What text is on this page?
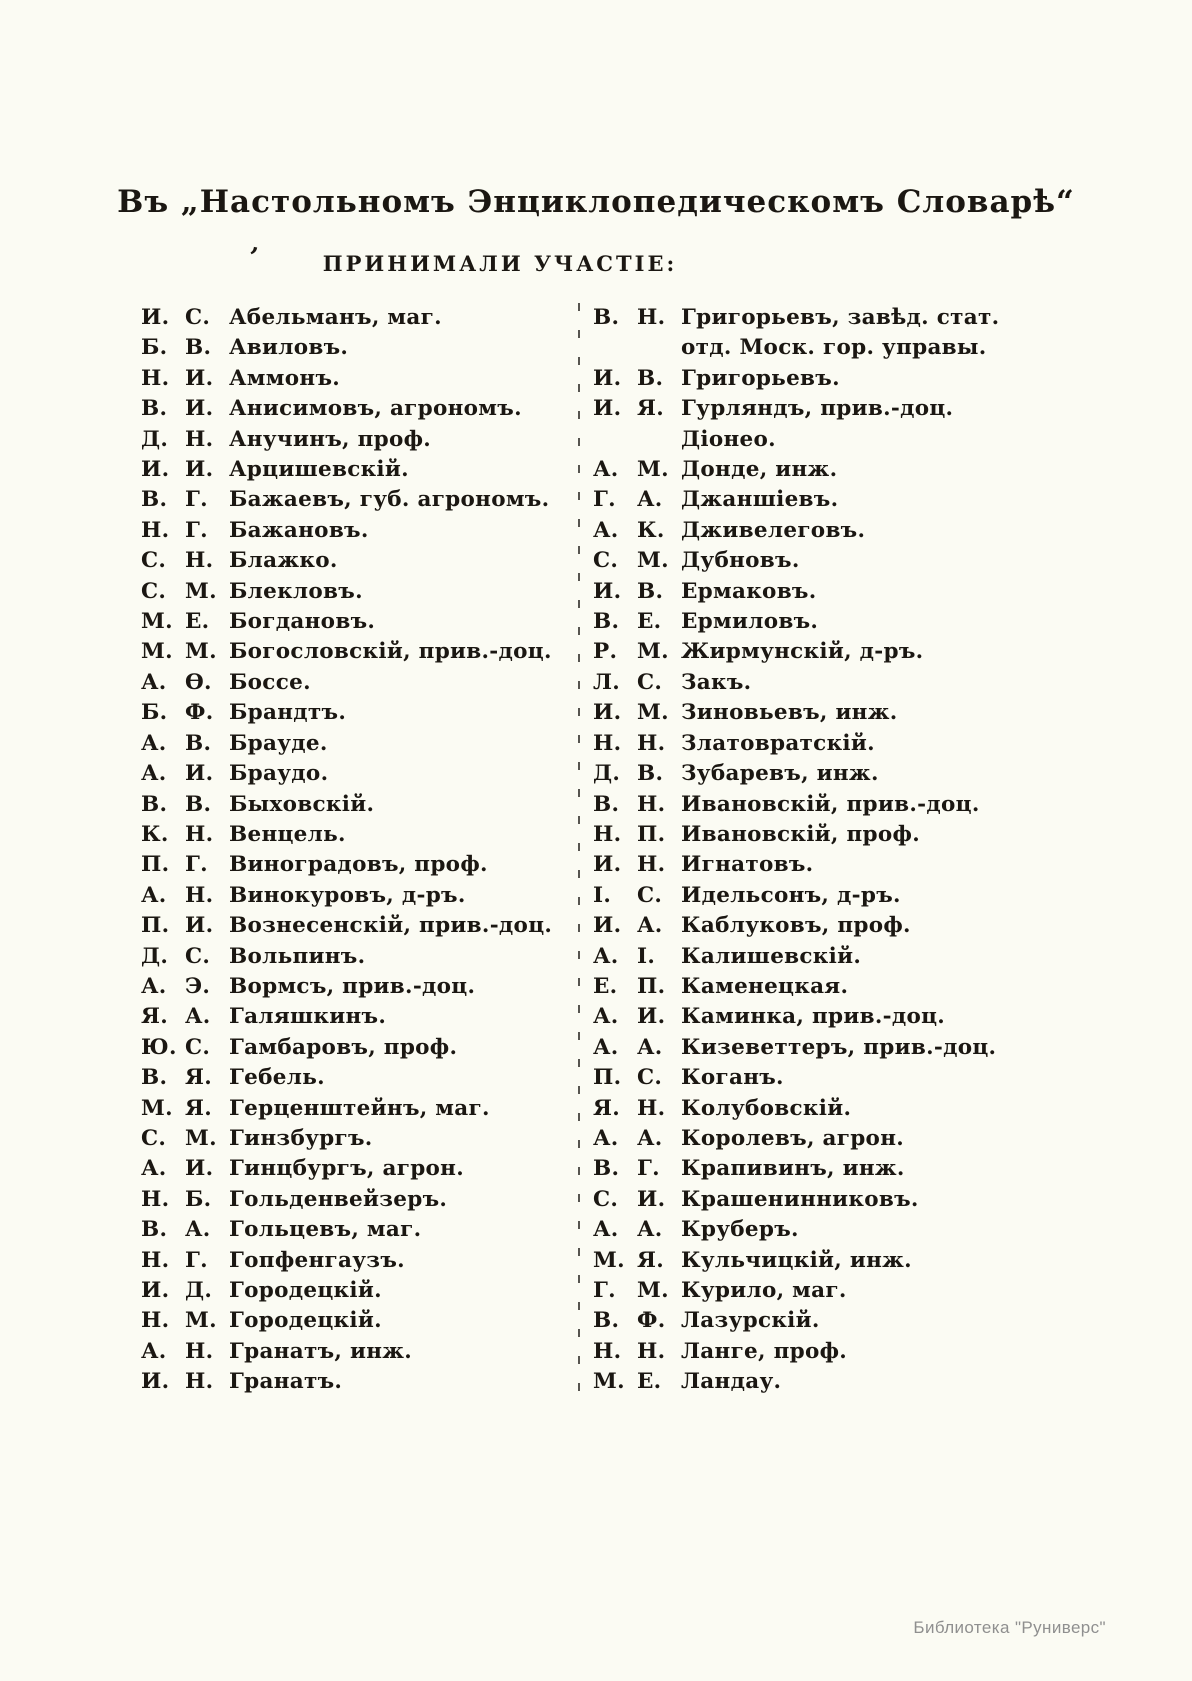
Въ „Настольномъ Энциклопедическомъ Словарѣ“
,
ПРИНИМАЛИ УЧАСТІЕ:
И. С. Абельманъ, маг.
Б. В. Авиловъ.
Н. И. Аммонъ.
В. И. Анисимовъ, агрономъ.
Д. Н. Анучинъ, проф.
И. И. Арцишевскій.
В. Г. Бажаевъ, губ. агрономъ.
Н. Г. Бажановъ.
С. Н. Блажко.
С. М. Блекловъ.
М. Е. Богдановъ.
М. М. Богословскій, прив.-доц.
А. Ѳ. Боссе.
Б. Ф. Брандтъ.
А. В. Брауде.
А. И. Браудо.
В. В. Быховскій.
К. Н. Венцель.
П. Г. Виноградовъ, проф.
А. Н. Винокуровъ, д-ръ.
П. И. Вознесенскій, прив.-доц.
Д. С. Вольпинъ.
А. Э. Вормсъ, прив.-доц.
Я. А. Галяшкинъ.
Ю. С. Гамбаровъ, проф.
В. Я. Гебель.
М. Я. Герценштейнъ, маг.
С. М. Гинзбургъ.
А. И. Гинцбургъ, агрон.
Н. Б. Гольденвейзеръ.
В. А. Гольцевъ, маг.
Н. Г. Гопфенгаузъ.
И. Д. Городецкій.
Н. М. Городецкій.
А. Н. Гранатъ, инж.
И. Н. Гранатъ.
В. Н. Григорьевъ, завѣд. стат.
отд. Моск. гор. управы.
И. В. Григорьевъ.
И. Я. Гурляндъ, прив.-доц.
Діонео.
А. М. Донде, инж.
Г. А. Джаншіевъ.
А. К. Дживелеговъ.
С. М. Дубновъ.
И. В. Ермаковъ.
В. Е. Ермиловъ.
Р. М. Жирмунскій, д-ръ.
Л. С. Закъ.
И. М. Зиновьевъ, инж.
Н. Н. Златовратскій.
Д. В. Зубаревъ, инж.
В. Н. Ивановскій, прив.-доц.
Н. П. Ивановскій, проф.
И. Н. Игнатовъ.
І.	С. Идельсонъ, д-ръ.
И. А. Каблуковъ, проф.
А. І.	Калишевскій.
Е. П. Каменецкая.
А. И. Каминка, прив.-доц.
А. А. Кизеветтеръ, прив.-доц.
П. С. Коганъ.
Я. Н. Колубовскій.
А. А. Королевъ, агрон.
В. Г. Крапивинъ, инж.
С. И. Крашенинниковъ.
А. А. Круберъ.
М. Я. Кульчицкій, инж.
Г. М. Курило, маг.
В. Ф. Лазурскій.
Н. Н. Ланге, проф.
М. Е. Ландау.
Библиотека "Руниверс"
